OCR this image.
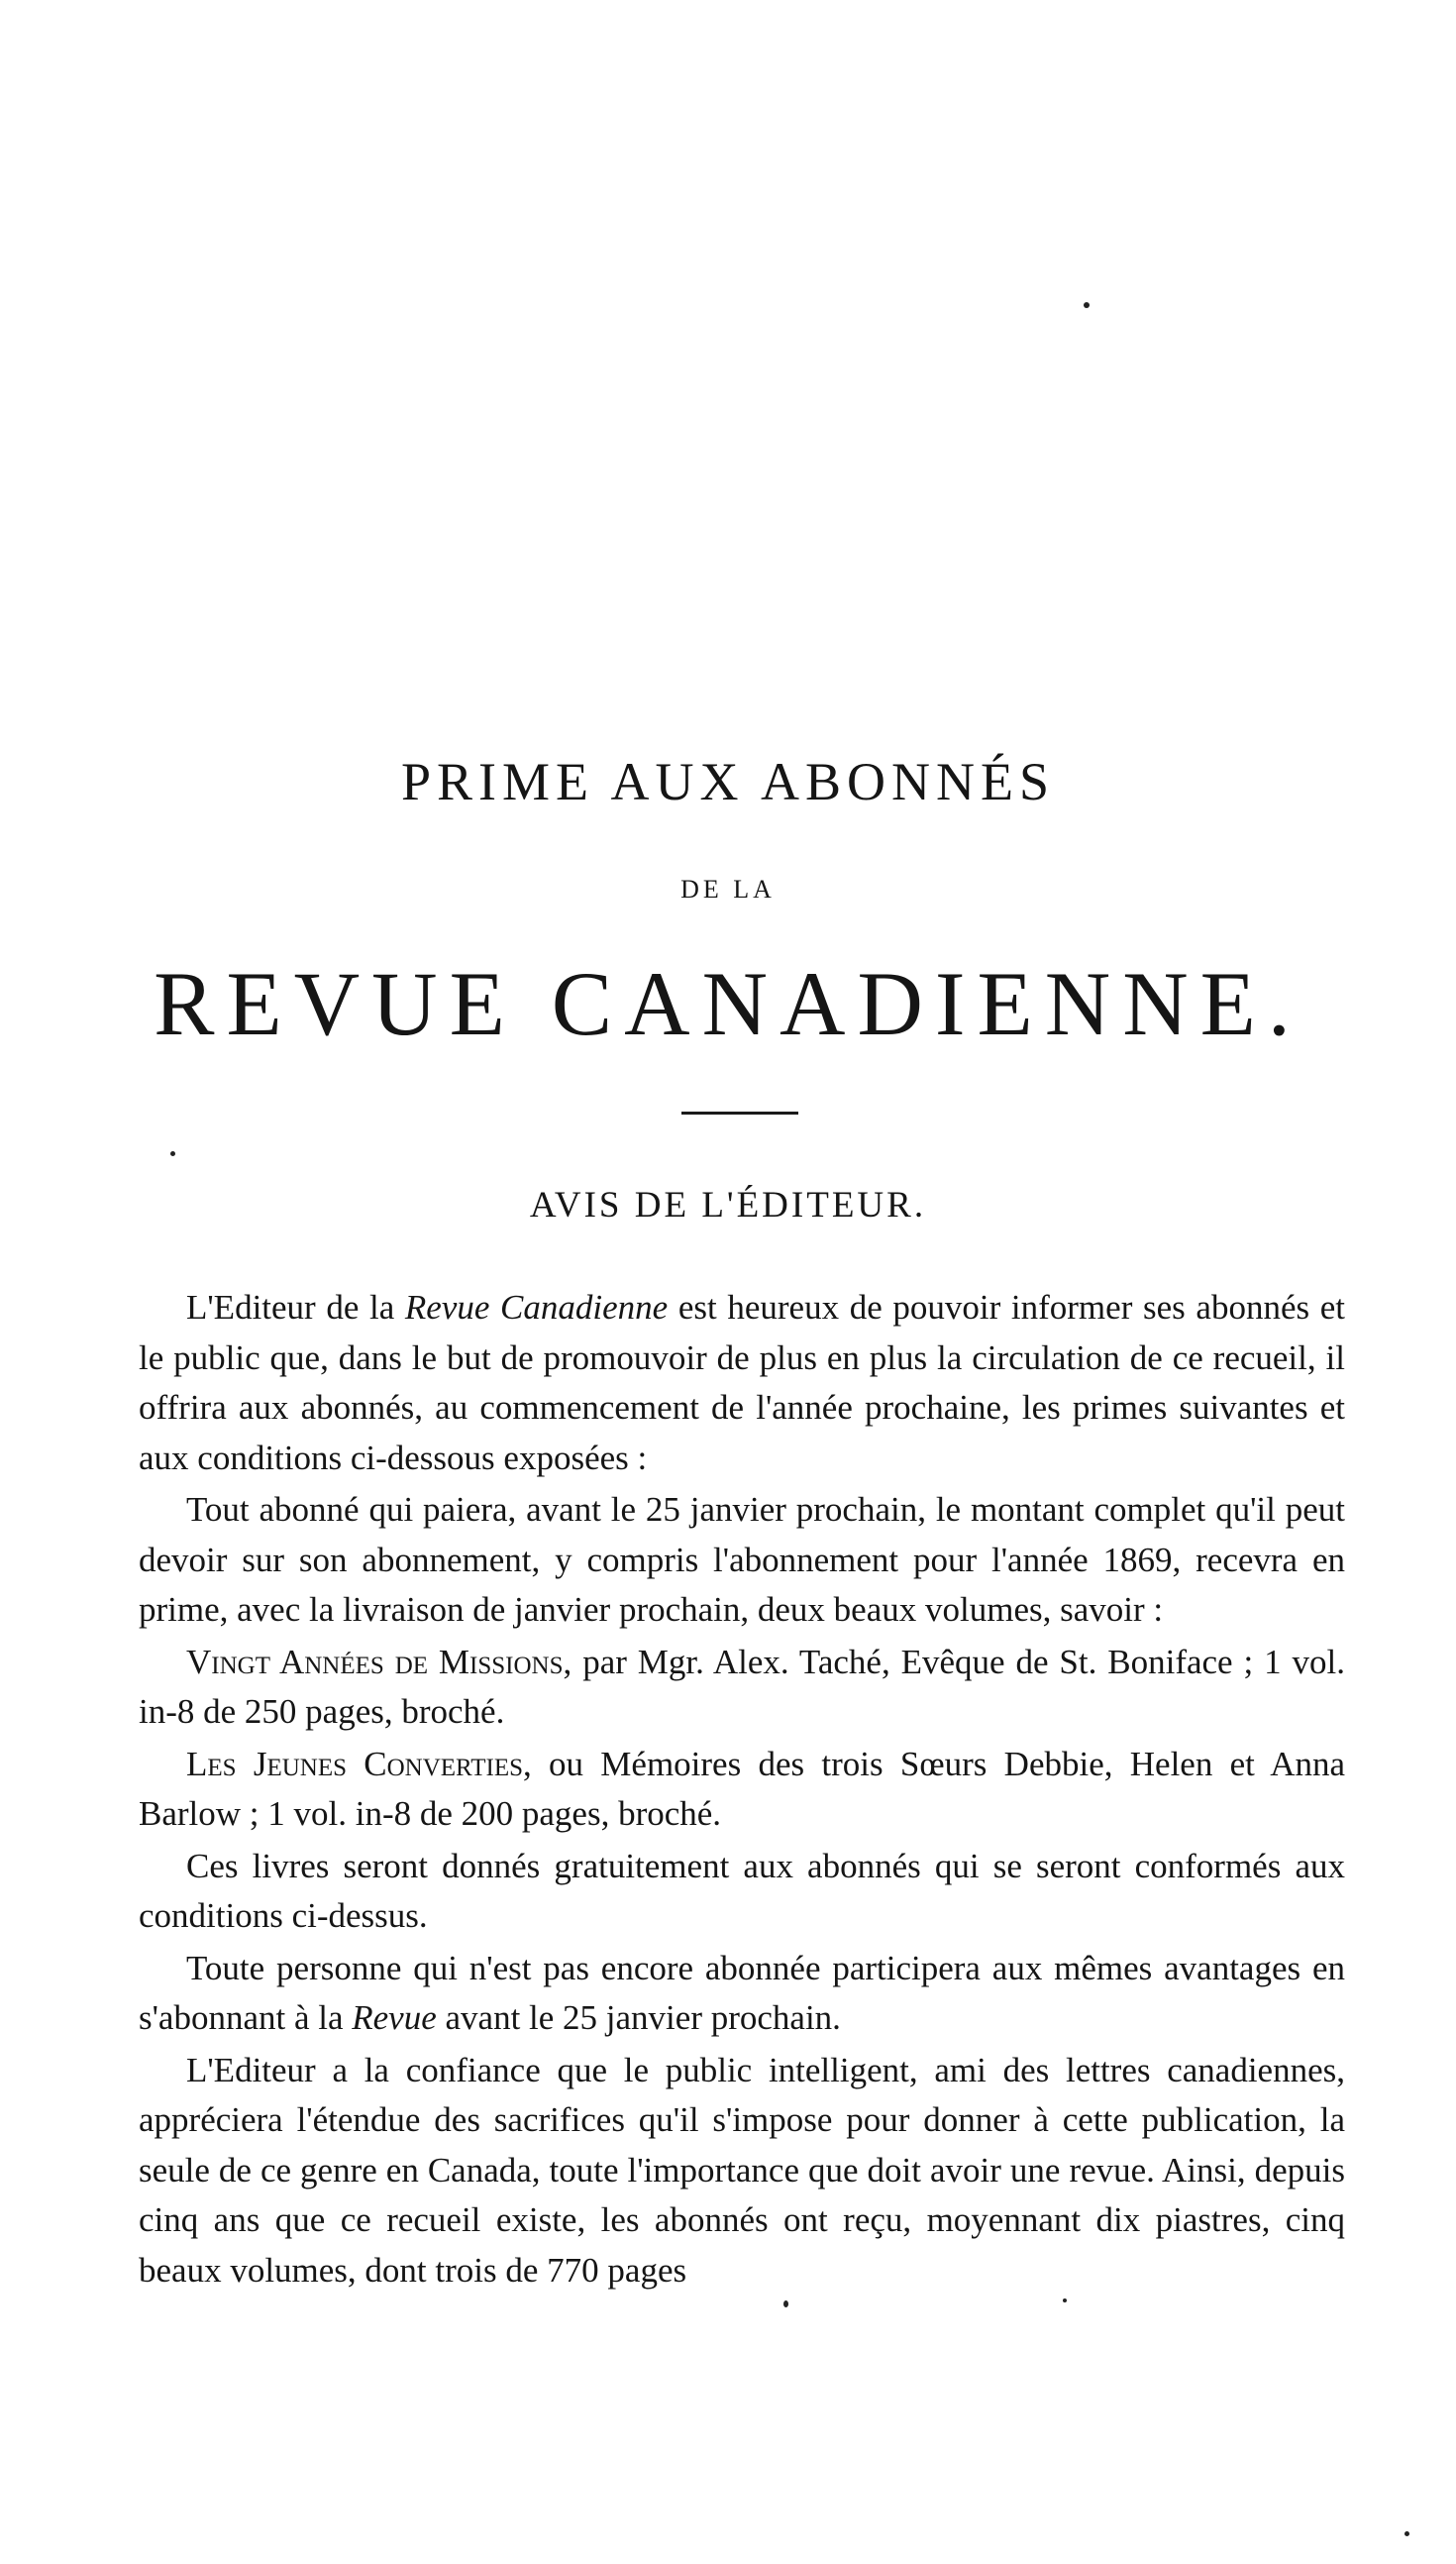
PRIME AUX ABONNÉS
DE LA
REVUE CANADIENNE.
AVIS DE L'ÉDITEUR.

L'Editeur de la Revue Canadienne est heureux de pouvoir informer ses abonnés et le public que, dans le but de promouvoir de plus en plus la circulation de ce recueil, il offrira aux abonnés, au commencement de l'année prochaine, les primes suivantes et aux conditions ci-dessous exposées :

Tout abonné qui paiera, avant le 25 janvier prochain, le montant complet qu'il peut devoir sur son abonnement, y compris l'abonnement pour l'année 1869, recevra en prime, avec la livraison de janvier prochain, deux beaux volumes, savoir :

Vingt Années de Missions, par Mgr. Alex. Taché, Evêque de St. Boniface ; 1 vol. in-8 de 250 pages, broché.

Les Jeunes Converties, ou Mémoires des trois Sœurs Debbie, Helen et Anna Barlow ; 1 vol. in-8 de 200 pages, broché.

Ces livres seront donnés gratuitement aux abonnés qui se seront conformés aux conditions ci-dessus.

Toute personne qui n'est pas encore abonnée participera aux mêmes avantages en s'abonnant à la Revue avant le 25 janvier prochain.

L'Editeur a la confiance que le public intelligent, ami des lettres canadiennes, appréciera l'étendue des sacrifices qu'il s'impose pour donner à cette publication, la seule de ce genre en Canada, toute l'importance que doit avoir une revue. Ainsi, depuis cinq ans que ce recueil existe, les abonnés ont reçu, moyennant dix piastres, cinq beaux volumes, dont trois de 770 pages
